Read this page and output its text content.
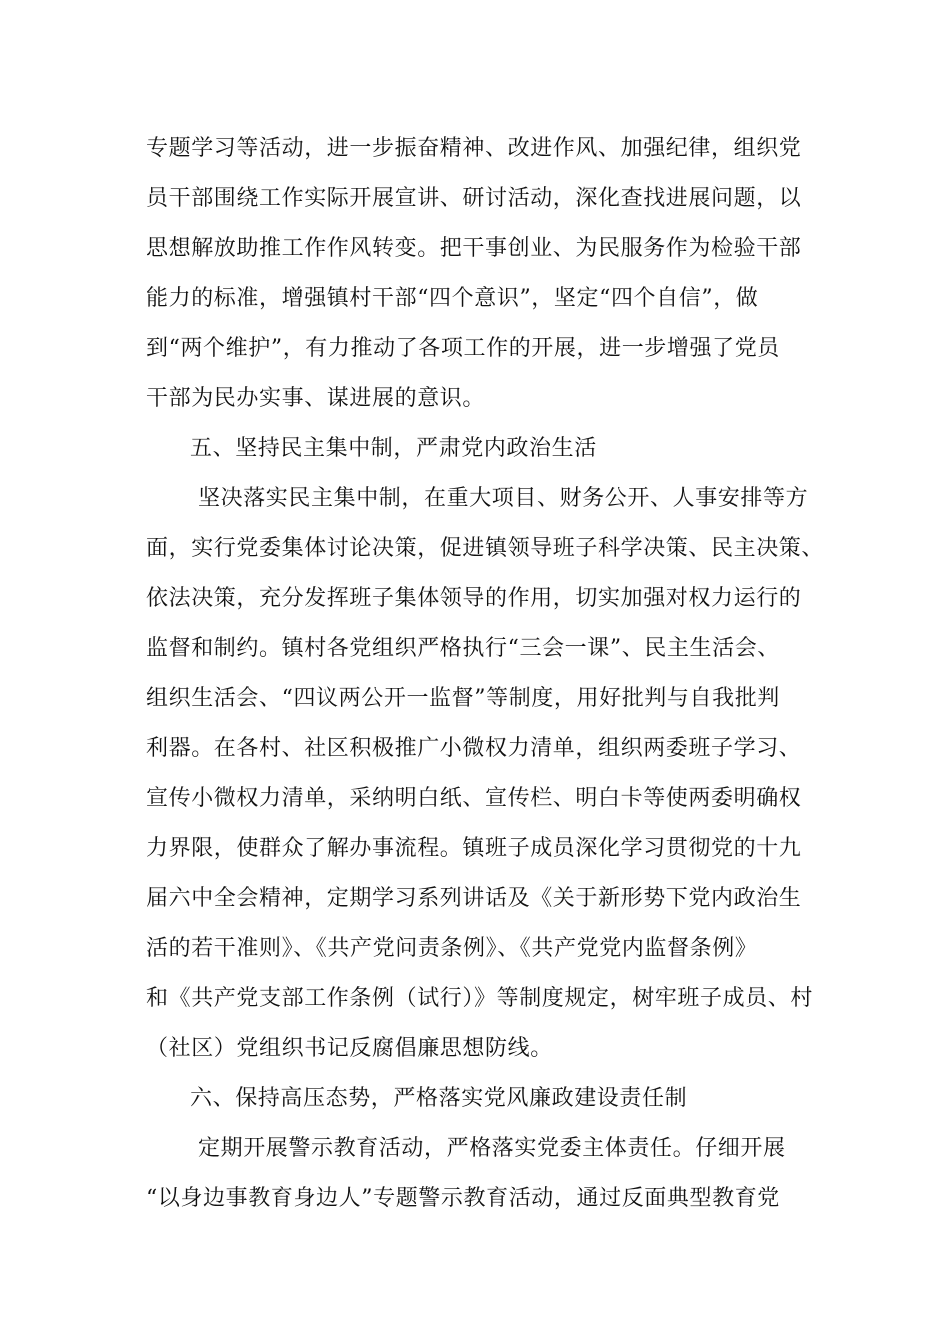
专题学习等活动，进一步振奋精神、改进作风、加强纪律，组织党
员干部围绕工作实际开展宣讲、研讨活动，深化查找进展问题，以
思想解放助推工作作风转变。把干事创业、为民服务作为检验干部
能力的标准，增强镇村干部“四个意识”，坚定“四个自信”，做
到“两个维护”，有力推动了各项工作的开展，进一步增强了党员
干部为民办实事、谋进展的意识。
五、坚持民主集中制，严肃党内政治生活
坚决落实民主集中制，在重大项目、财务公开、人事安排等方
面，实行党委集体讨论决策，促进镇领导班子科学决策、民主决策、
依法决策，充分发挥班子集体领导的作用，切实加强对权力运行的
监督和制约。镇村各党组织严格执行“三会一课”、民主生活会、
组织生活会、“四议两公开一监督”等制度，用好批判与自我批判
利器。在各村、社区积极推广小微权力清单，组织两委班子学习、
宣传小微权力清单，采纳明白纸、宣传栏、明白卡等使两委明确权
力界限，使群众了解办事流程。镇班子成员深化学习贯彻党的十九
届六中全会精神，定期学习系列讲话及《关于新形势下党内政治生
活的若干准则》、《共产党问责条例》、《共产党党内监督条例》
和《共产党支部工作条例（试行）》等制度规定，树牢班子成员、村
（社区）党组织书记反腐倡廉思想防线。
六、保持高压态势，严格落实党风廉政建设责任制
定期开展警示教育活动，严格落实党委主体责任。仔细开展
“以身边事教育身边人”专题警示教育活动，通过反面典型教育党
